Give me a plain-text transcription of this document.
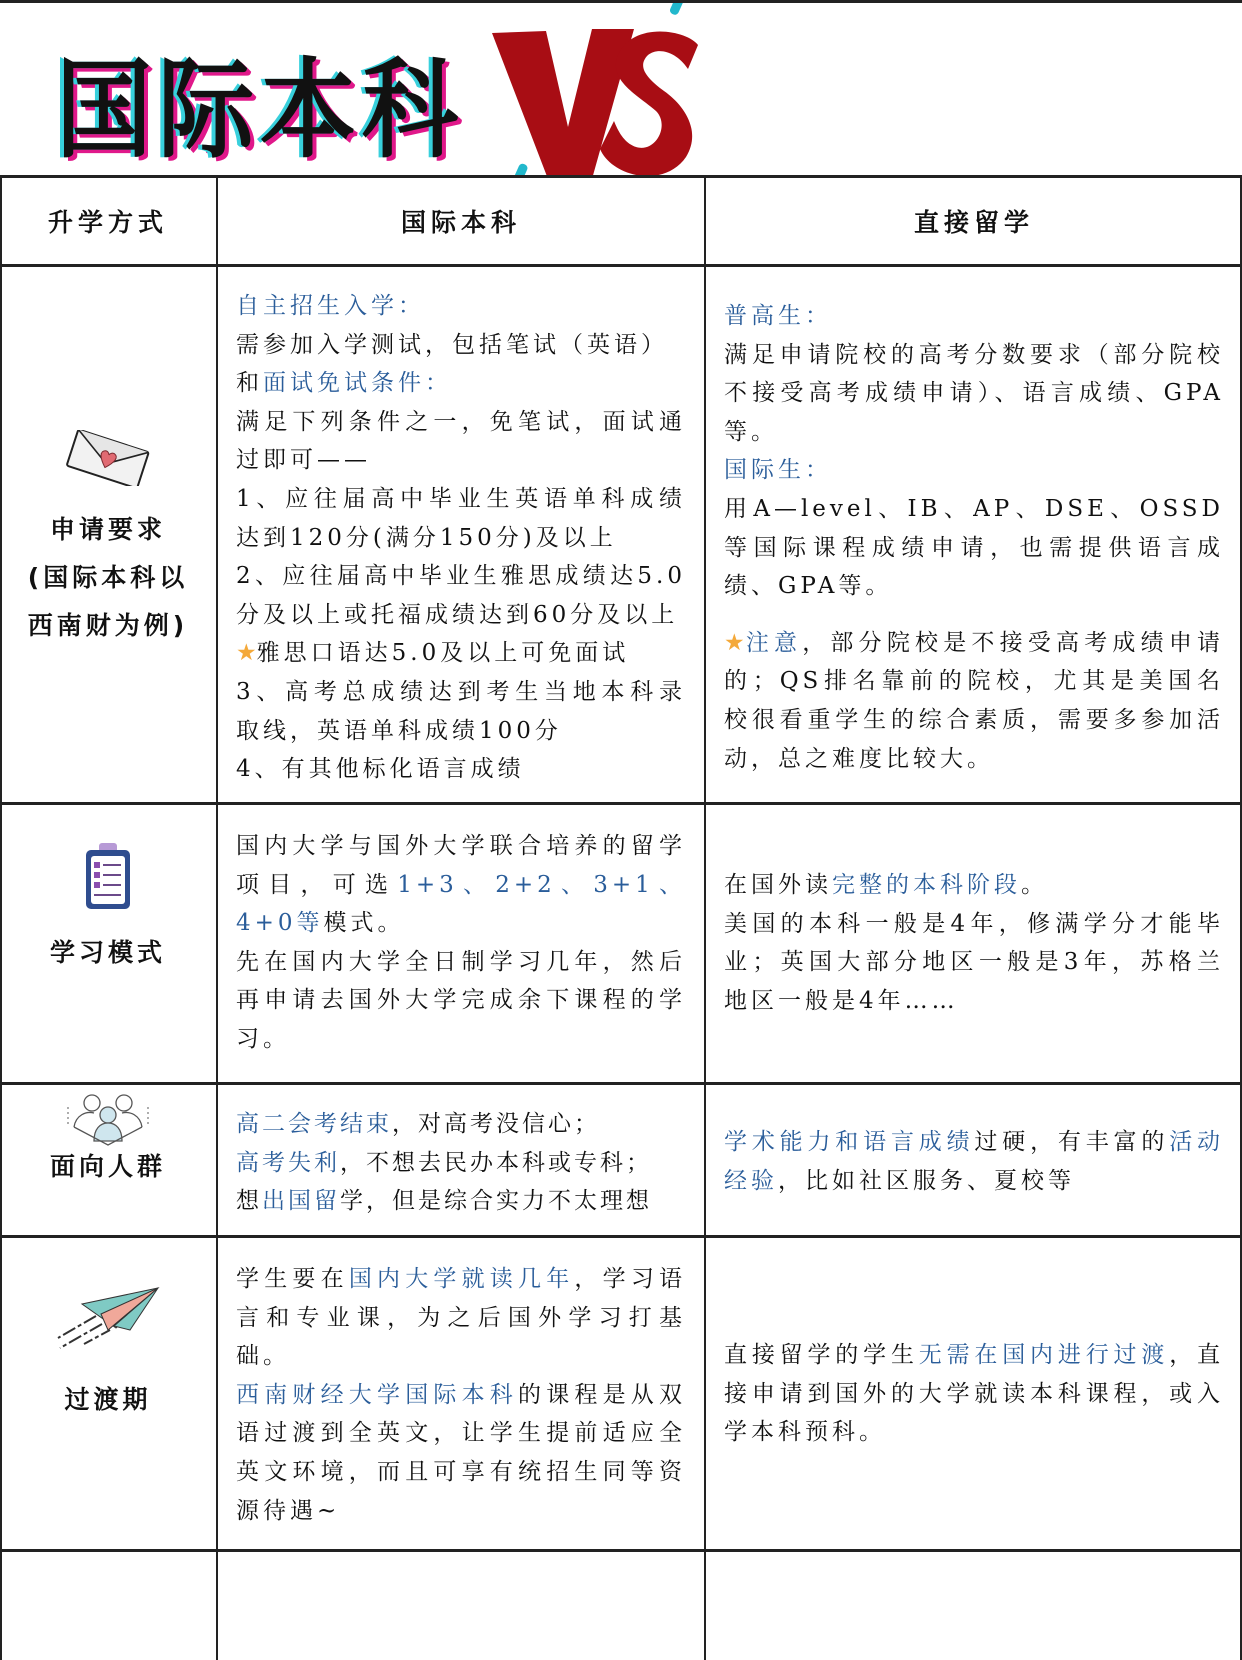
国际本科
升学方式	国际本科	直接留学
申请要求
(国际本科以
西南财为例)
自主招生入学：
需参加入学测试，包括笔试（英语）
和面试免试条件：
满足下列条件之一，免笔试，面试通过即可——
1、应往届高中毕业生英语单科成绩达到120分(满分150分)及以上
2、应往届高中毕业生雅思成绩达5.0分及以上或托福成绩达到60分及以上
★雅思口语达5.0及以上可免面试
3、高考总成绩达到考生当地本科录取线，英语单科成绩100分
4、有其他标化语言成绩
普高生：
满足申请院校的高考分数要求（部分院校不接受高考成绩申请）、语言成绩、GPA等。
国际生：
用A—level、IB、AP、DSE、OSSD等国际课程成绩申请，也需提供语言成绩、GPA等。
★注意，部分院校是不接受高考成绩申请的；QS排名靠前的院校，尤其是美国名校很看重学生的综合素质，需要多参加活动，总之难度比较大。
学习模式
国内大学与国外大学联合培养的留学项目，可选1+3、2+2、3+1、4+0等模式。
先在国内大学全日制学习几年，然后再申请去国外大学完成余下课程的学习。
在国外读完整的本科阶段。
美国的本科一般是4年，修满学分才能毕业；英国大部分地区一般是3年，苏格兰地区一般是4年……
面向人群
高二会考结束，对高考没信心；
高考失利，不想去民办本科或专科；
想出国留学，但是综合实力不太理想
学术能力和语言成绩过硬，有丰富的活动经验，比如社区服务、夏校等
过渡期
学生要在国内大学就读几年，学习语言和专业课，为之后国外学习打基础。
西南财经大学国际本科的课程是从双语过渡到全英文，让学生提前适应全英文环境，而且可享有统招生同等资源待遇~
直接留学的学生无需在国内进行过渡，直接申请到国外的大学就读本科课程，或入学本科预科。
